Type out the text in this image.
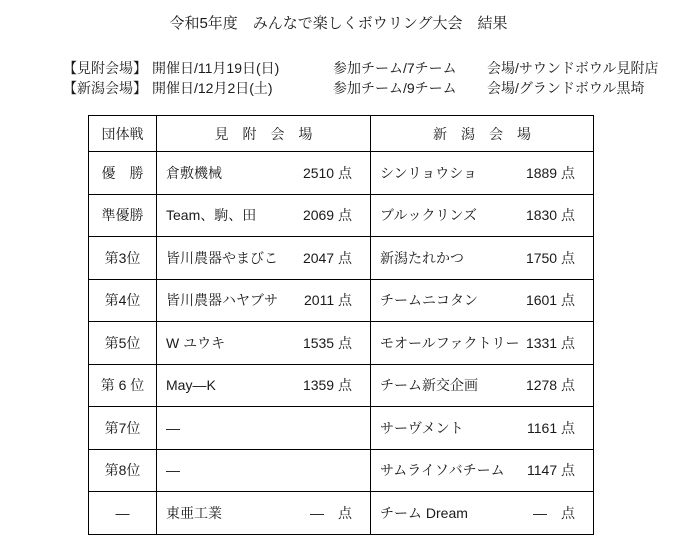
令和5年度　みんなで楽しくボウリング大会　結果
【見附会場】 開催日/11月19日(日)	参加チーム/7チーム	会場/サウンドボウル見附店
【新潟会場】 開催日/12月2日(土)	参加チーム/9チーム	会場/グランドボウル黒埼
団体戦	見　附　会　場	新　潟　会　場
優　勝	倉敷機械 2510 点	シンリョウショ 1889 点

準優勝	Team、駒、田 2069 点	ブルックリンズ 1830 点

第3位	皆川農器やまびこ 2047 点	新潟たれかつ 1750 点

第4位	皆川農器ハヤブサ 2011 点	チームニコタン 1601 点

第5位	W ユウキ 1535 点	モオールファクトリー 1331 点

第 6 位	May―K 1359 点	チーム新交企画 1278 点

第7位	―	サーヴメント 1161 点

第8位	―	サムライソバチーム 1147 点

―	東亜工業 ―　点	チーム Dream ―　点
